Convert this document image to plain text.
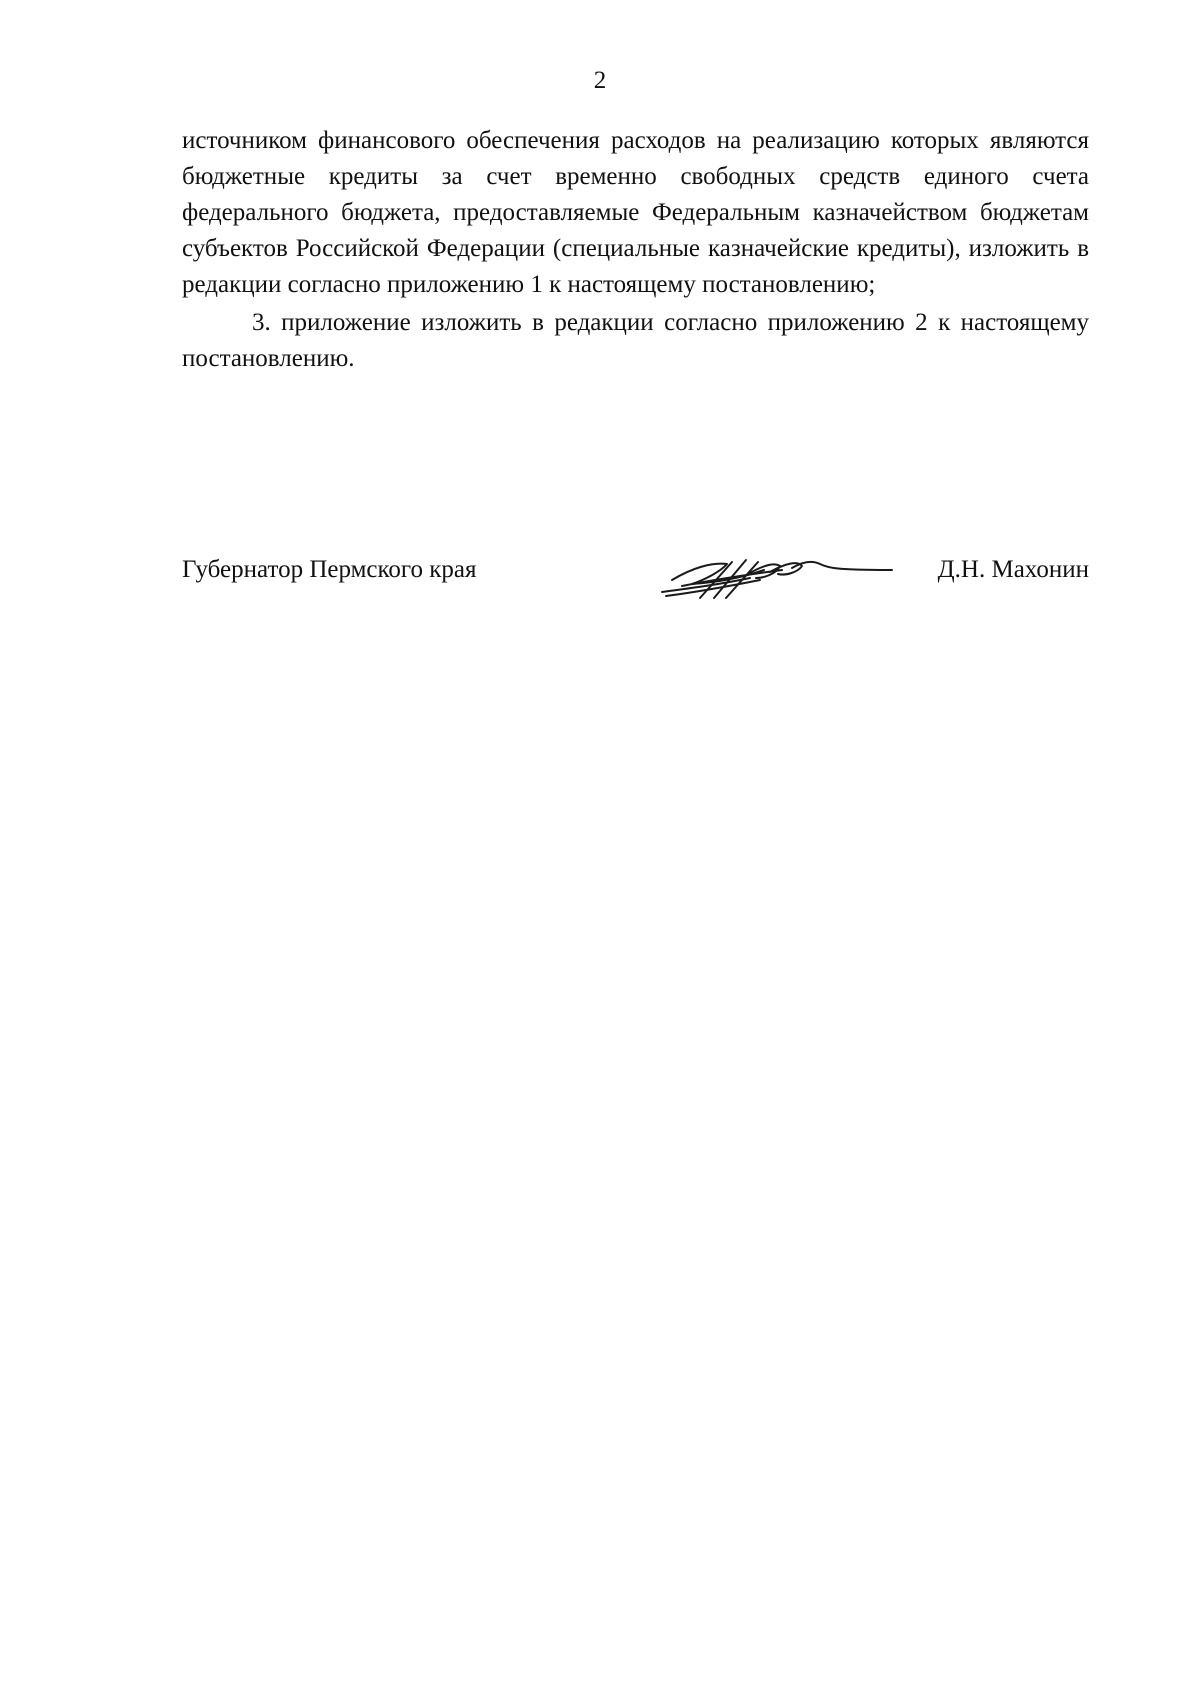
2

источником финансового обеспечения расходов на реализацию которых являются бюджетные кредиты за счет временно свободных средств единого счета федерального бюджета, предоставляемые Федеральным казначейством бюджетам субъектов Российской Федерации (специальные казначейские кредиты), изложить в редакции согласно приложению 1 к настоящему постановлению;

3. приложение изложить в редакции согласно приложению 2 к настоящему постановлению.

Губернатор Пермского края	Д.Н. Махонин
